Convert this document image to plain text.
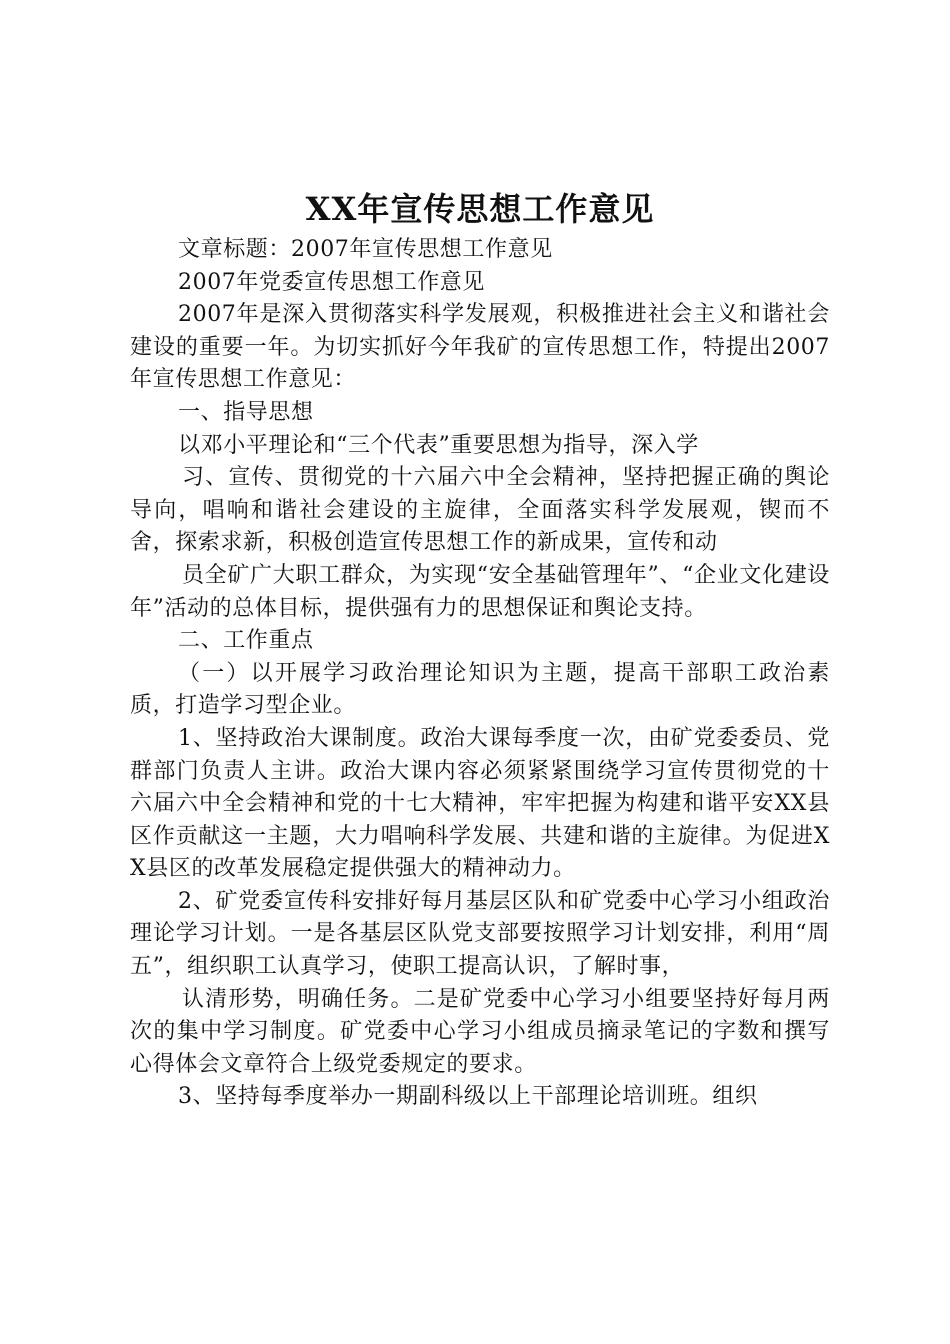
XX年宣传思想工作意见

文章标题：2007年宣传思想工作意见

2007年党委宣传思想工作意见

2007年是深入贯彻落实科学发展观，积极推进社会主义和谐社会建设的重要一年。为切实抓好今年我矿的宣传思想工作，特提出2007年宣传思想工作意见：

一、指导思想

以邓小平理论和“三个代表”重要思想为指导，深入学

习、宣传、贯彻党的十六届六中全会精神，坚持把握正确的舆论导向，唱响和谐社会建设的主旋律，全面落实科学发展观，锲而不舍，探索求新，积极创造宣传思想工作的新成果，宣传和动

员全矿广大职工群众，为实现“安全基础管理年”、“企业文化建设年”活动的总体目标，提供强有力的思想保证和舆论支持。

二、工作重点

（一）以开展学习政治理论知识为主题，提高干部职工政治素质，打造学习型企业。

1、坚持政治大课制度。政治大课每季度一次，由矿党委委员、党群部门负责人主讲。政治大课内容必须紧紧围绕学习宣传贯彻党的十六届六中全会精神和党的十七大精神，牢牢把握为构建和谐平安XX县区作贡献这一主题，大力唱响科学发展、共建和谐的主旋律。为促进XX县区的改革发展稳定提供强大的精神动力。

2、矿党委宣传科安排好每月基层区队和矿党委中心学习小组政治理论学习计划。一是各基层区队党支部要按照学习计划安排，利用“周五”，组织职工认真学习，使职工提高认识，了解时事，

认清形势，明确任务。二是矿党委中心学习小组要坚持好每月两次的集中学习制度。矿党委中心学习小组成员摘录笔记的字数和撰写心得体会文章符合上级党委规定的要求。

3、坚持每季度举办一期副科级以上干部理论培训班。组织
